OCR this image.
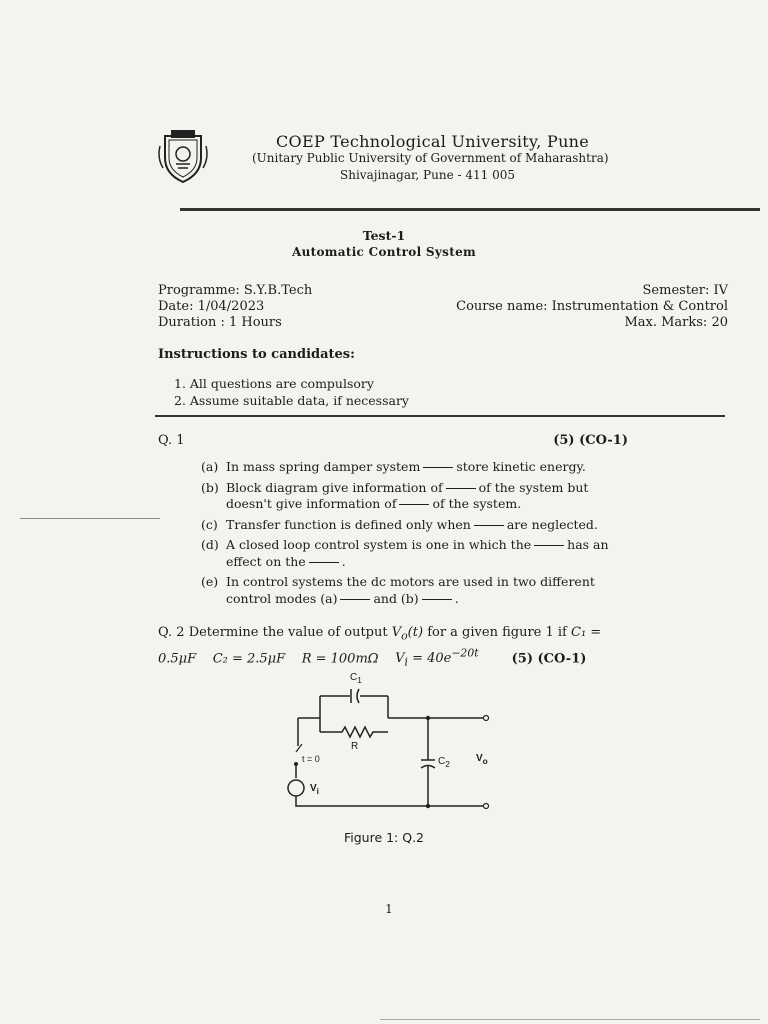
COEP Technological University, Pune
(Unitary Public University of Government of Maharashtra)
Shivajinagar, Pune - 411 005
Test-1
Automatic Control System
Programme: S.Y.B.Tech
Date: 1/04/2023
Duration : 1 Hours
Semester: IV
Course name: Instrumentation & Control
Max. Marks: 20
Instructions to candidates:
1. All questions are compulsory
2. Assume suitable data, if necessary
Q. 1	(5) (CO-1)
(a) In mass spring damper system	store kinetic energy.
(b) Block diagram give information of	of the system but doesn't give information of	of the system.
(c) Transfer function is defined only when	are neglected.
(d) A closed loop control system is one in which the	has an effect on the	.
(e) In control systems the dc motors are used in two different control modes (a)	and (b)	.
Q. 2 Determine the value of output $V_o(t)$ for a given figure 1 if C₁ = 0.5μF C₂ = 2.5μF R = 100mΩ $V_i = 40e^{-20t}$	(5) (CO-1)
$C_1$
R
$C_2$
t = 0
$V_i$
$V_o$
Figure 1: Q.2
1
